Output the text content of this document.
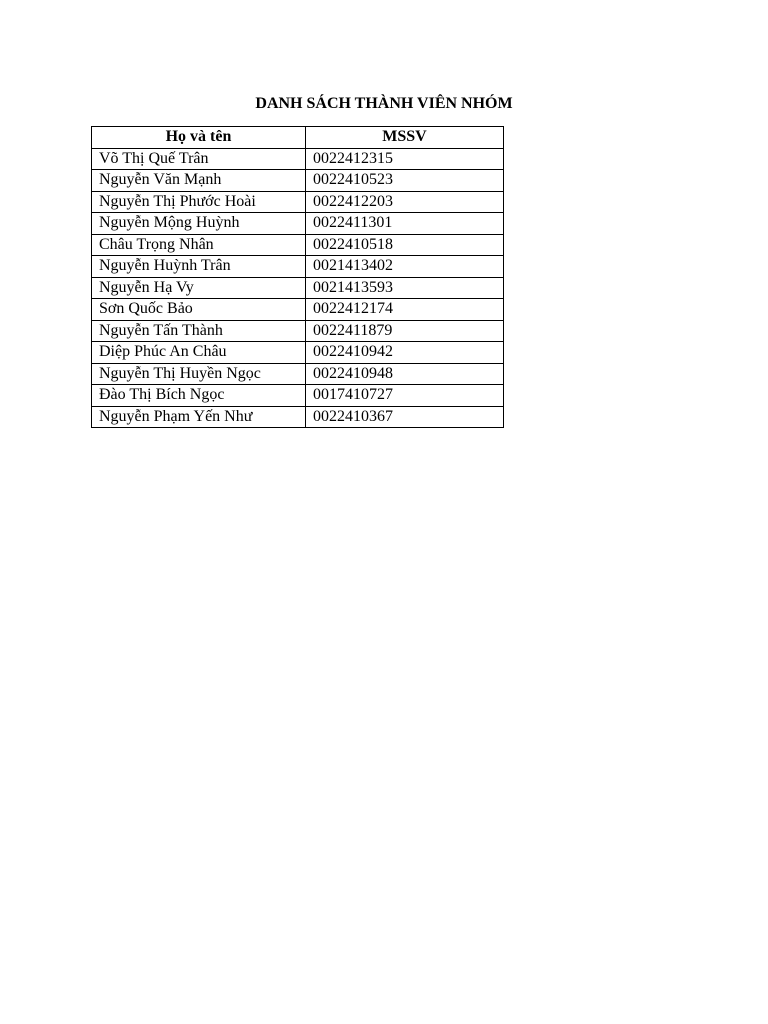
DANH SÁCH THÀNH VIÊN NHÓM
Họ và tên	MSSV
Võ Thị Quế Trân	0022412315
Nguyễn Văn Mạnh	0022410523
Nguyễn Thị Phước Hoài	0022412203
Nguyễn Mộng Huỳnh	0022411301
Châu Trọng Nhân	0022410518
Nguyễn Huỳnh Trân	0021413402
Nguyễn Hạ Vy	0021413593
Sơn Quốc Bảo	0022412174
Nguyễn Tấn Thành	0022411879
Diệp Phúc An Châu	0022410942
Nguyễn Thị Huyền Ngọc	0022410948
Đào Thị Bích Ngọc	0017410727
Nguyễn Phạm Yến Như	0022410367
